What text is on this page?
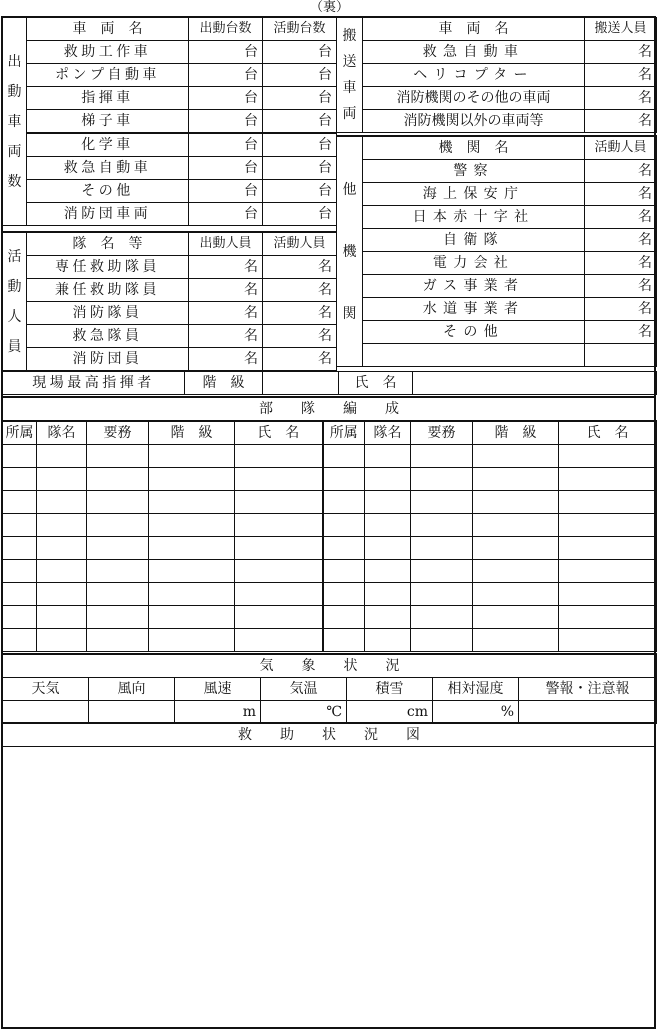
（裏）
出
動
車
両
数	車　両　名	出動台数	活動台数
	救助工作車	台	台
	ポンプ自動車	台	台
	指揮車	台	台
	梯子車	台	台
	化学車	台	台
	救急自動車	台	台
	その他	台	台
	消防団車両	台	台
活
動
人
員	隊　名　等	出動人員	活動人員
	専任救助隊員	名	名
	兼任救助隊員	名	名
	消防隊員	名	名
	救急隊員	名	名
	消防団員	名	名
搬
送
車
両	車　両　名	搬送人員
	救急自動車	名
	ヘリコプター	名
	消防機関のその他の車両	名
	消防機関以外の車両等	名
他
機
関	機　関　名	活動人員
	警察	名
	海上保安庁	名
	日本赤十字社	名
	自衛隊	名
	電力会社	名
	ガス事業者	名
	水道事業者	名
	その他	名

現場最高指揮者	階　級		氏　名	
部　　隊　　編　　成
所属	隊名	要務	階　級	氏　名	所属	隊名	要務	階　級	氏　名

気　　象　　状　　況						
天気	風向	風速	気温	積雪	相対湿度	警報・注意報
		m	℃	cm	%	
救　　助　　状　　況　　図
